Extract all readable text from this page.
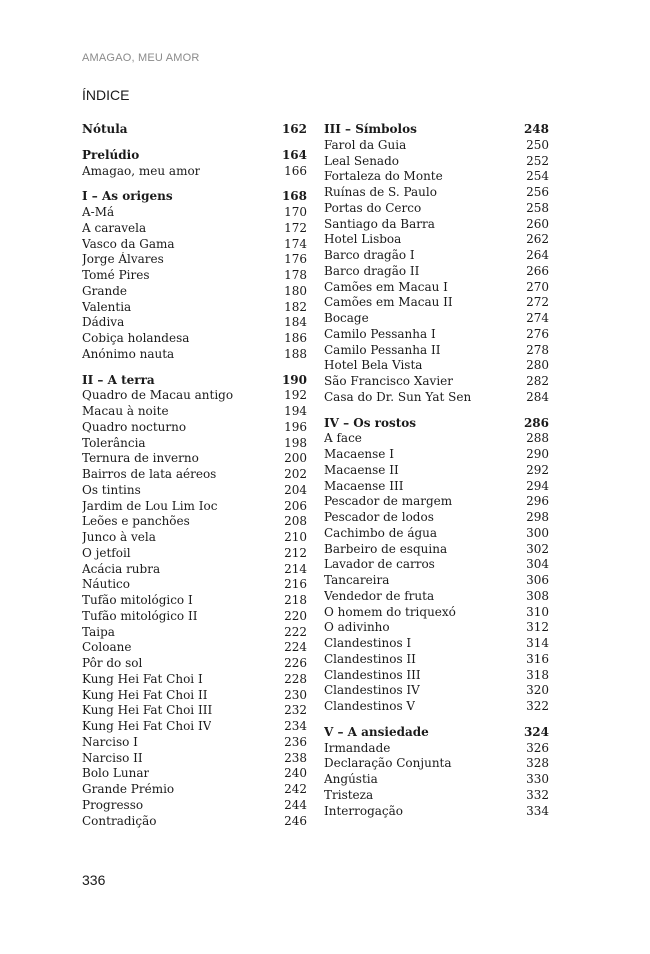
AMAGAO, MEU AMOR
ÍNDICE
Nótula	162
Prelúdio	164
Amagao, meu amor	166
I – As origens	168
A-Má	170
A caravela	172
Vasco da Gama	174
Jorge Álvares	176
Tomé Pires	178
Grande	180
Valentia	182
Dádiva	184
Cobiça holandesa	186
Anónimo nauta	188
II – A terra	190
Quadro de Macau antigo	192
Macau à noite	194
Quadro nocturno	196
Tolerância	198
Ternura de inverno	200
Bairros de lata aéreos	202
Os tintins	204
Jardim de Lou Lim Ioc	206
Leões e panchões	208
Junco à vela	210
O jetfoil	212
Acácia rubra	214
Náutico	216
Tufão mitológico I	218
Tufão mitológico II	220
Taipa	222
Coloane	224
Pôr do sol	226
Kung Hei Fat Choi I	228
Kung Hei Fat Choi II	230
Kung Hei Fat Choi III	232
Kung Hei Fat Choi IV	234
Narciso I	236
Narciso II	238
Bolo Lunar	240
Grande Prémio	242
Progresso	244
Contradição	246
III – Símbolos	248
Farol da Guia	250
Leal Senado	252
Fortaleza do Monte	254
Ruínas de S. Paulo	256
Portas do Cerco	258
Santiago da Barra	260
Hotel Lisboa	262
Barco dragão I	264
Barco dragão II	266
Camões em Macau I	270
Camões em Macau II	272
Bocage	274
Camilo Pessanha I	276
Camilo Pessanha II	278
Hotel Bela Vista	280
São Francisco Xavier	282
Casa do Dr. Sun Yat Sen	284
IV – Os rostos	286
A face	288
Macaense I	290
Macaense II	292
Macaense III	294
Pescador de margem	296
Pescador de lodos	298
Cachimbo de água	300
Barbeiro de esquina	302
Lavador de carros	304
Tancareira	306
Vendedor de fruta	308
O homem do triquexó	310
O adivinho	312
Clandestinos I	314
Clandestinos II	316
Clandestinos III	318
Clandestinos IV	320
Clandestinos V	322
V – A ansiedade	324
Irmandade	326
Declaração Conjunta	328
Angústia	330
Tristeza	332
Interrogação	334
336
